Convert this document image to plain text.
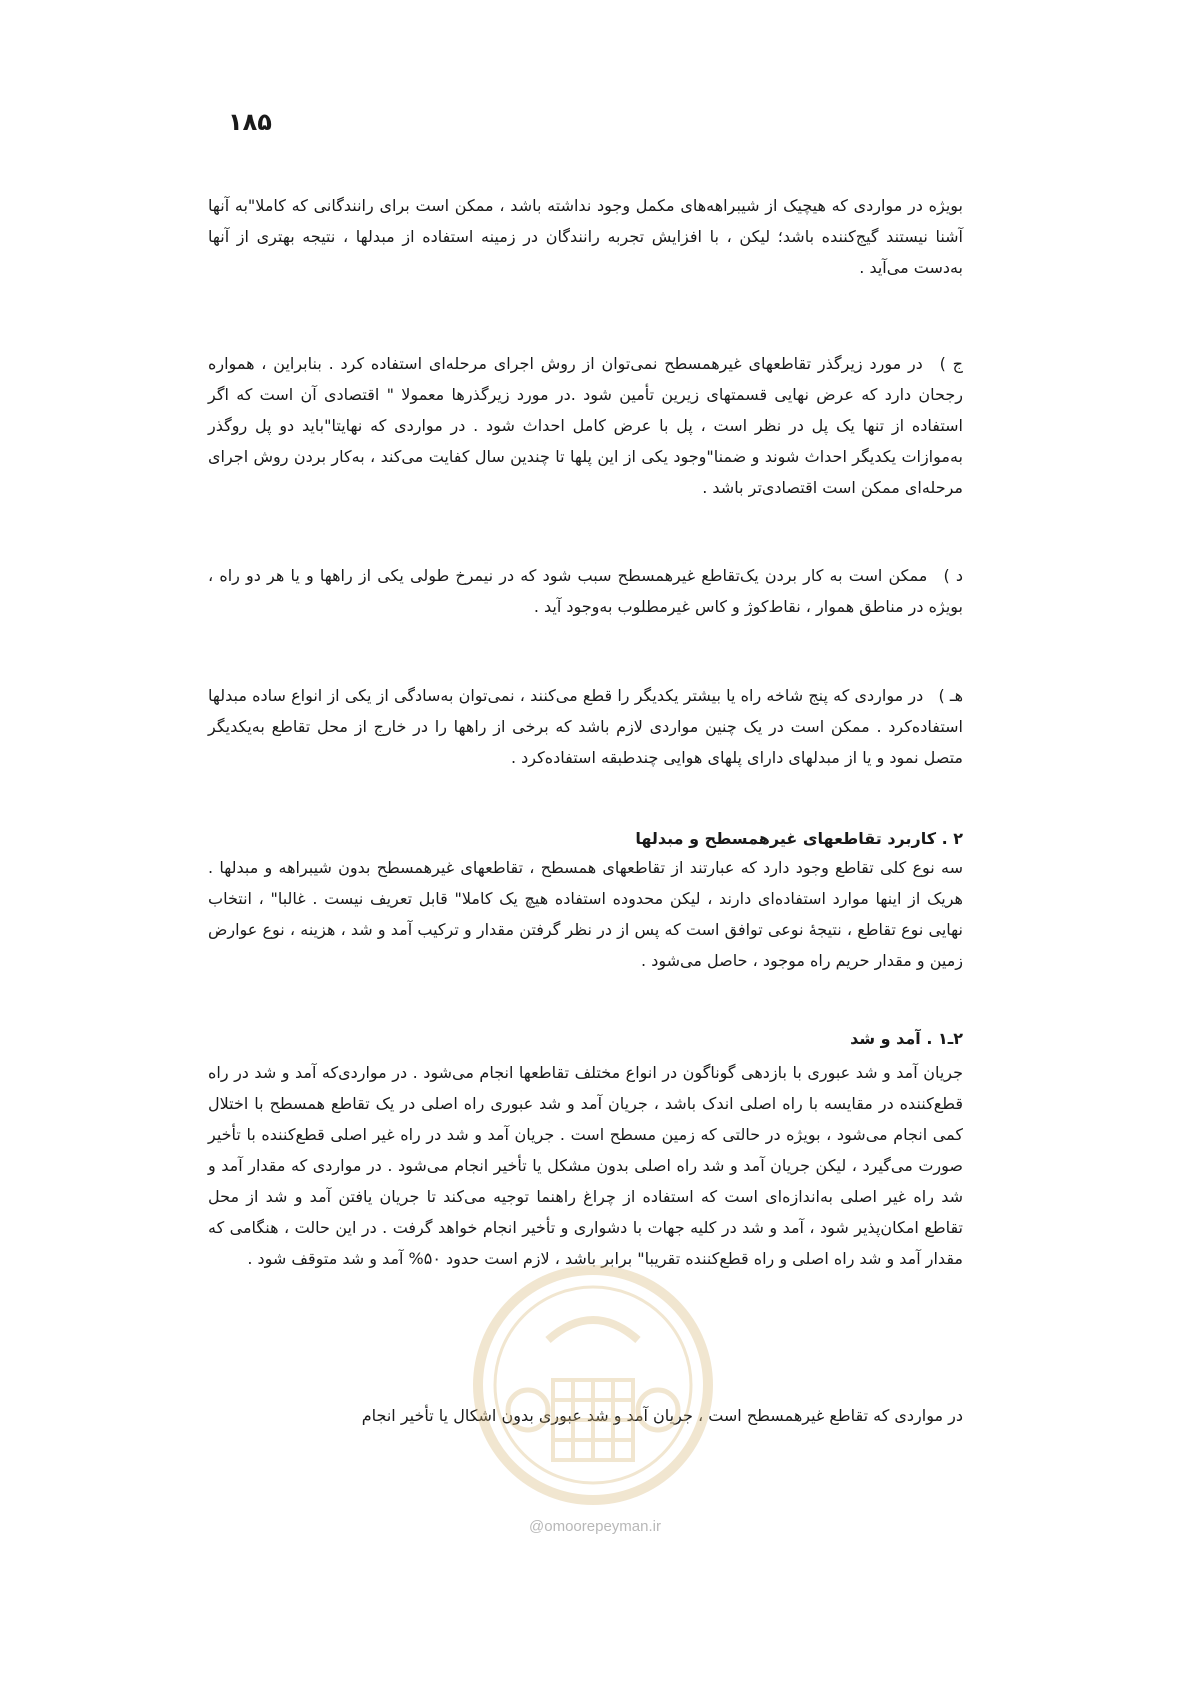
۱۸۵

بویژه در مواردی که هیچیک از شیبراهه‌های مکمل وجود نداشته باشد ، ممکن است برای رانندگانی که کاملا"به آنها آشنا نیستند گیج‌کننده باشد؛ لیکن ، با افزایش تجربه رانندگان در زمینه استفاده از مبدلها ، نتیجه بهتری از آنها به‌دست می‌آید .

ج ) در مورد زیرگذر تقاطعهای غیرهمسطح نمی‌توان از روش اجرای مرحله‌ای استفاده کرد . بنابراین ، همواره رجحان دارد که عرض نهایی قسمتهای زیرین تأمین شود .در مورد زیرگذرها معمولا " اقتصادی آن است که اگر استفاده از تنها یک پل در نظر است ، پل با عرض کامل احداث شود . در مواردی که نهایتا"باید دو پل روگذر به‌موازات یکدیگر احداث شوند و ضمنا"وجود یکی از این پلها تا چندین سال کفایت می‌کند ، به‌کار بردن روش اجرای مرحله‌ای ممکن است اقتصادی‌تر باشد .

د ) ممکن است به کار بردن یک‌تقاطع غیرهمسطح سبب شود که در نیمرخ طولی یکی از راهها و یا هر دو راه ، بویژه در مناطق هموار ، نقاط‌کوژ و کاس غیرمطلوب به‌وجود آید .

هـ ) در مواردی که پنج شاخه راه یا بیشتر یکدیگر را قطع می‌کنند ، نمی‌توان به‌سادگی از یکی از انواع ساده مبدلها استفاده‌کرد . ممکن است در یک چنین مواردی لازم باشد که برخی از راهها را در خارج از محل تقاطع به‌یکدیگر متصل نمود و یا از مبدلهای دارای پلهای هوایی چندطبقه استفاده‌کرد .

۲ . کاربرد تقاطعهای غیرهمسطح و مبدلها

سه نوع کلی تقاطع وجود دارد که عبارتند از تقاطعهای همسطح ، تقاطعهای غیرهمسطح بدون شیبراهه و مبدلها . هریک از اینها موارد استفاده‌ای دارند ، لیکن محدوده استفاده هیچ یک کاملا" قابل تعریف نیست . غالبا" ، انتخاب نهایی نوع تقاطع ، نتیجه‌ٔ نوعی توافق است که پس از در نظر گرفتن مقدار و ترکیب آمد و شد ، هزینه ، نوع عوارض زمین و مقدار حریم راه موجود ، حاصل می‌شود .

۲ـ۱ . آمد و شد

جریان آمد و شد عبوری با بازدهی گوناگون در انواع مختلف تقاطعها انجام می‌شود . در مواردی‌که آمد و شد در راه قطع‌کننده در مقایسه با راه اصلی اندک باشد ، جریان آمد و شد عبوری راه اصلی در یک تقاطع همسطح با اختلال کمی انجام می‌شود ، بویژه در حالتی که زمین مسطح است . جریان آمد و شد در راه غیر اصلی قطع‌کننده با تأخیر صورت می‌گیرد ، لیکن جریان آمد و شد راه اصلی بدون مشکل یا تأخیر انجام می‌شود . در مواردی که مقدار آمد و شد راه غیر اصلی به‌اندازه‌ای است که استفاده از چراغ راهنما توجیه می‌کند تا جریان یافتن آمد و شد از محل تقاطع امکان‌پذیر شود ، آمد و شد در کلیه جهات با دشواری و تأخیر انجام خواهد گرفت . در این حالت ، هنگامی که مقدار آمد و شد راه اصلی و راه قطع‌کننده تقریبا" برابر باشد ، لازم است حدود ۵۰% آمد و شد متوقف شود .

در مواردی که تقاطع غیرهمسطح است ، جریان آمد و شد عبوری بدون اشکال یا تأخیر انجام

@omoorepeyman.ir
